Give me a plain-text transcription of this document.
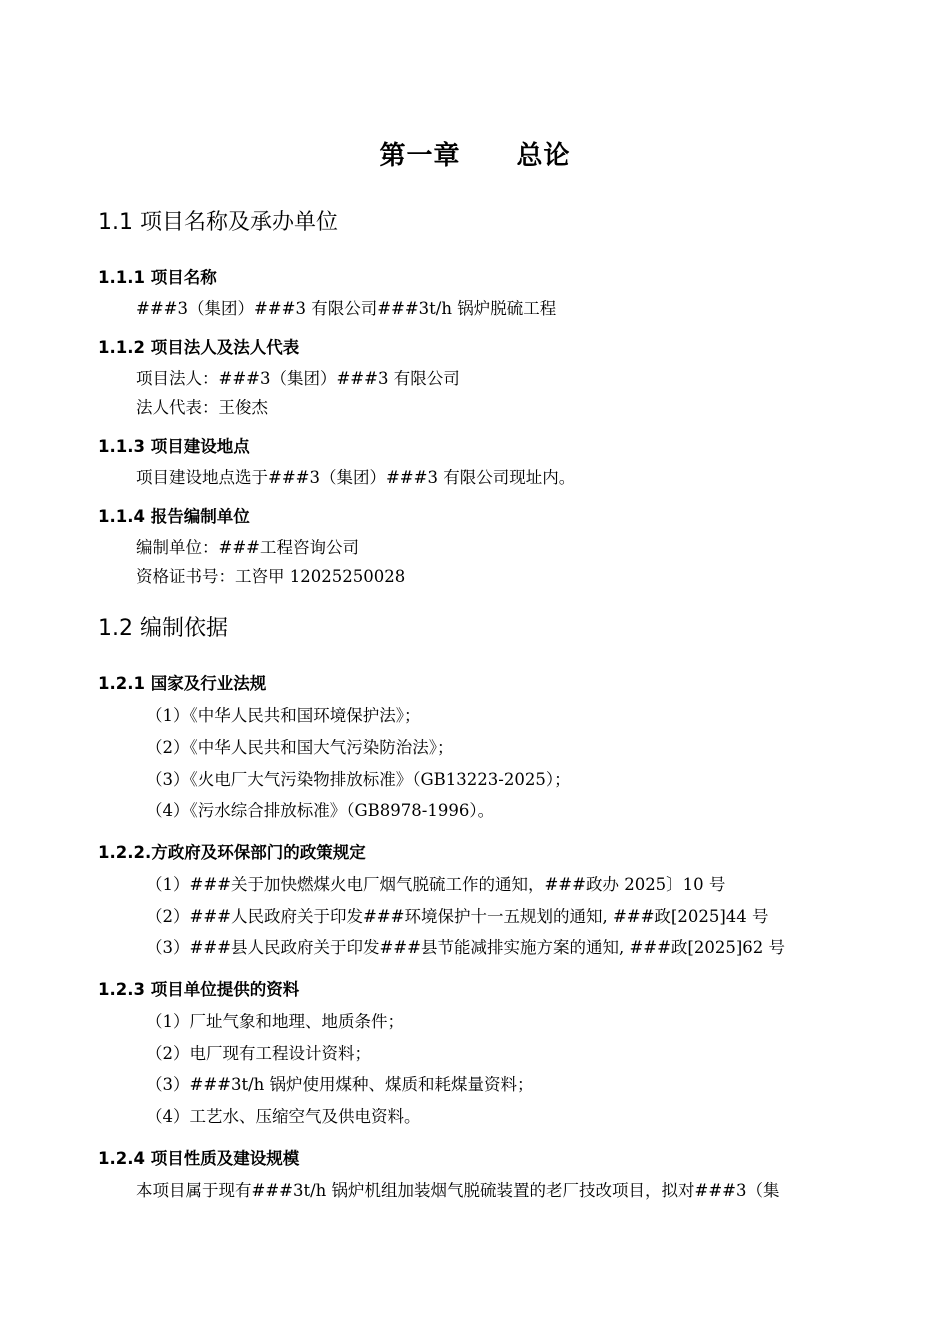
第一章 总论
1.1 项目名称及承办单位
1.1.1 项目名称
###3（集团）###3 有限公司###3t/h 锅炉脱硫工程
1.1.2 项目法人及法人代表
项目法人：###3（集团）###3 有限公司
法人代表：王俊杰
1.1.3 项目建设地点
项目建设地点选于###3（集团）###3 有限公司现址内。
1.1.4 报告编制单位
编制单位：###工程咨询公司
资格证书号：工咨甲 12025250028
1.2 编制依据
1.2.1 国家及行业法规
（1）《中华人民共和国环境保护法》；
（2）《中华人民共和国大气污染防治法》；
（3）《火电厂大气污染物排放标准》（GB13223-2025）；
（4）《污水综合排放标准》（GB8978-1996）。
1.2.2.方政府及环保部门的政策规定
（1）###关于加快燃煤火电厂烟气脱硫工作的通知，###政办 2025〕10 号
（2）###人民政府关于印发###环境保护十一五规划的通知, ###政[2025]44 号
（3）###县人民政府关于印发###县节能减排实施方案的通知, ###政[2025]62 号
1.2.3 项目单位提供的资料
（1）厂址气象和地理、地质条件；
（2）电厂现有工程设计资料；
（3）###3t/h 锅炉使用煤种、煤质和耗煤量资料；
（4）工艺水、压缩空气及供电资料。
1.2.4 项目性质及建设规模
本项目属于现有###3t/h 锅炉机组加装烟气脱硫装置的老厂技改项目，拟对###3（集
